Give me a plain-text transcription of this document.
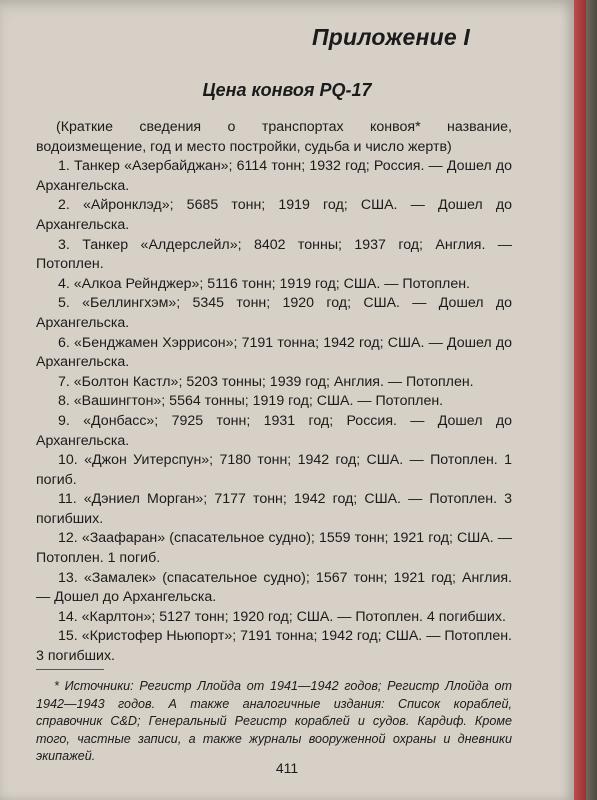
Приложение I
Цена конвоя PQ-17

(Краткие сведения о транспортах конвоя* название, водоизмещение, год и место постройки, судьба и число жертв)

1. Танкер «Азербайджан»; 6114 тонн; 1932 год; Россия. — Дошел до Архангельска.

2. «Айронклэд»; 5685 тонн; 1919 год; США. — Дошел до Архангельска.

3. Танкер «Алдерслейл»; 8402 тонны; 1937 год; Англия. — Потоплен.

4. «Алкоа Рейнджер»; 5116 тонн; 1919 год; США. — Потоплен.

5. «Беллингхэм»; 5345 тонн; 1920 год; США. — Дошел до Архангельска.

6. «Бенджамен Хэррисон»; 7191 тонна; 1942 год; США. — Дошел до Архангельска.

7. «Болтон Кастл»; 5203 тонны; 1939 год; Англия. — Потоплен.

8. «Вашингтон»; 5564 тонны; 1919 год; США. — Потоплен.

9. «Донбасс»; 7925 тонн; 1931 год; Россия. — Дошел до Архангельска.

10. «Джон Уитерспун»; 7180 тонн; 1942 год; США. — Потоплен. 1 погиб.

11. «Дэниел Морган»; 7177 тонн; 1942 год; США. — Потоплен. 3 погибших.

12. «Заафаран» (спасательное судно); 1559 тонн; 1921 год; США. — Потоплен. 1 погиб.

13. «Замалек» (спасательное судно); 1567 тонн; 1921 год; Англия. — Дошел до Архангельска.

14. «Карлтон»; 5127 тонн; 1920 год; США. — Потоплен. 4 погибших.

15. «Кристофер Ньюпорт»; 7191 тонна; 1942 год; США. — Потоплен. 3 погибших.

* Источники: Регистр Ллойда от 1941—1942 годов; Регистр Ллойда от 1942—1943 годов. А также аналогичные издания: Список кораблей, справочник C&D; Генеральный Регистр кораблей и судов. Кардиф. Кроме того, частные записи, а также журналы вооруженной охраны и дневники экипажей.

411
